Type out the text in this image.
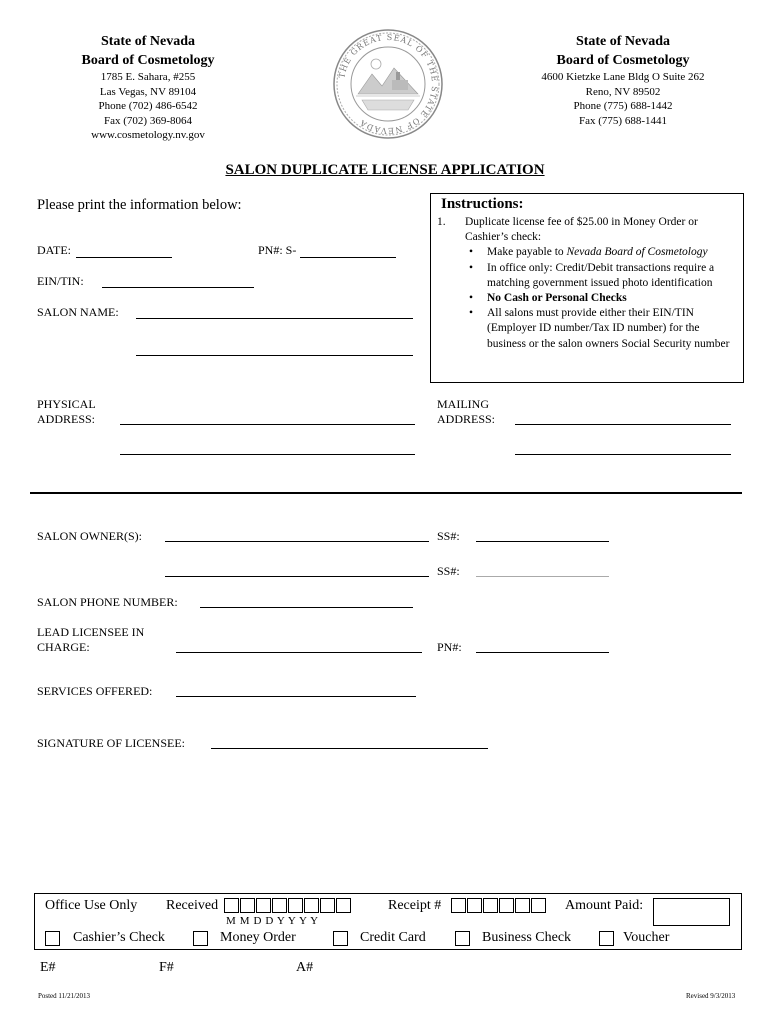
State of Nevada
Board of Cosmetology
1785 E. Sahara, #255
Las Vegas, NV 89104
Phone (702) 486-6542
Fax (702) 369-8064
www.cosmetology.nv.gov
THE GREAT SEAL OF THE STATE OF NEVADA
State of Nevada
Board of Cosmetology
4600 Kietzke Lane Bldg O Suite 262
Reno, NV 89502
Phone (775) 688-1442
Fax (775) 688-1441
SALON DUPLICATE LICENSE APPLICATION
Please print the information below:
DATE:	PN#: S-
EIN/TIN:
SALON NAME:
Instructions:
1. Duplicate license fee of $25.00 in Money Order or
Cashier’s check:
• Make payable to Nevada Board of Cosmetology
• In office only: Credit/Debit transactions require a matching government issued photo identification
• No Cash or Personal Checks
• All salons must provide either their EIN/TIN (Employer ID number/Tax ID number) for the business or the salon owners Social Security number
PHYSICAL
ADDRESS:
MAILING
ADDRESS:
SALON OWNER(S):	SS#:
SS#:
SALON PHONE NUMBER:
LEAD LICENSEE IN
CHARGE:	PN#:
SERVICES OFFERED:
SIGNATURE OF LICENSEE:
Office Use Only Received
M M D D Y Y Y Y
Receipt #	Amount Paid:
Cashier’s Check	Money Order	Credit Card	Business Check	Voucher
E#	F#	A#
Posted 11/21/2013	Revised 9/3/2013
